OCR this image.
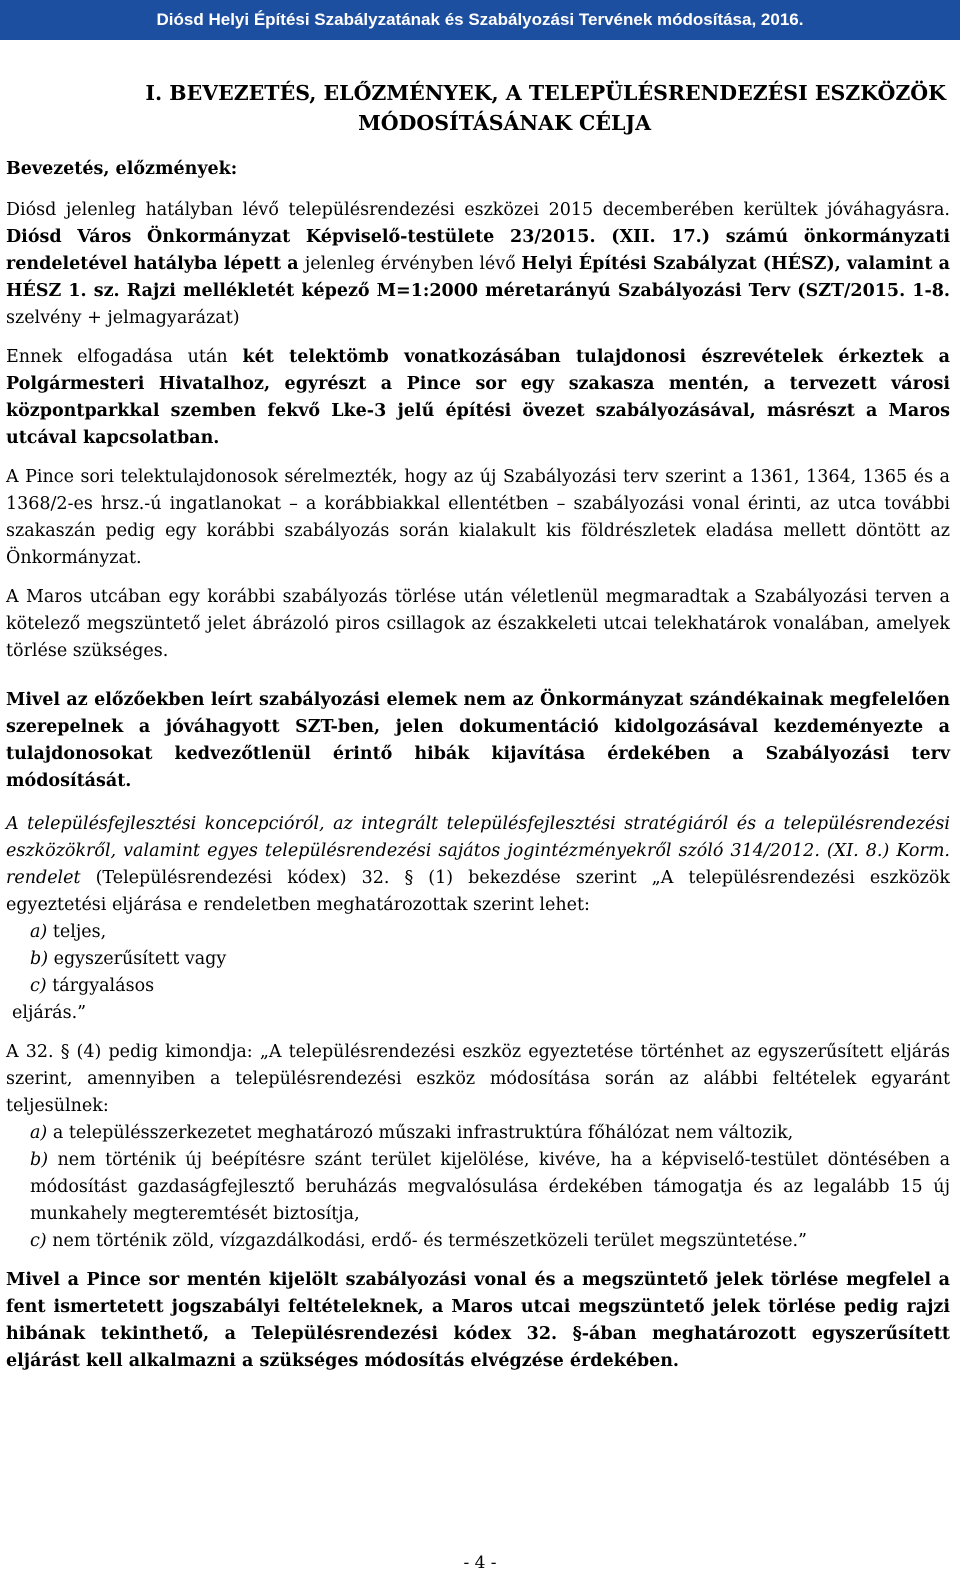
Diósd Helyi Építési Szabályzatának és Szabályozási Tervének módosítása, 2016.
I. BEVEZETÉS, ELŐZMÉNYEK, A TELEPÜLÉSRENDEZÉSI ESZKÖZÖK
MÓDOSÍTÁSÁNAK CÉLJA
Bevezetés, előzmények:

Diósd jelenleg hatályban lévő településrendezési eszközei 2015 decemberében kerültek jóváhagyásra. Diósd Város Önkormányzat Képviselő-testülete 23/2015. (XII. 17.) számú önkormányzati rendeletével hatályba lépett a jelenleg érvényben lévő Helyi Építési Szabályzat (HÉSZ), valamint a HÉSZ 1. sz. Rajzi mellékletét képező M=1:2000 méretarányú Szabályozási Terv (SZT/2015. 1-8. szelvény + jelmagyarázat)

Ennek elfogadása után két telektömb vonatkozásában tulajdonosi észrevételek érkeztek a Polgármesteri Hivatalhoz, egyrészt a Pince sor egy szakasza mentén, a tervezett városi központparkkal szemben fekvő Lke-3 jelű építési övezet szabályozásával, másrészt a Maros utcával kapcsolatban.

A Pince sori telektulajdonosok sérelmezték, hogy az új Szabályozási terv szerint a 1361, 1364, 1365 és a 1368/2-es hrsz.-ú ingatlanokat – a korábbiakkal ellentétben – szabályozási vonal érinti, az utca további szakaszán pedig egy korábbi szabályozás során kialakult kis földrészletek eladása mellett döntött az Önkormányzat.

A Maros utcában egy korábbi szabályozás törlése után véletlenül megmaradtak a Szabályozási terven a kötelező megszüntető jelet ábrázoló piros csillagok az északkeleti utcai telekhatárok vonalában, amelyek törlése szükséges.

Mivel az előzőekben leírt szabályozási elemek nem az Önkormányzat szándékainak megfelelően szerepelnek a jóváhagyott SZT-ben, jelen dokumentáció kidolgozásával kezdeményezte a tulajdonosokat kedvezőtlenül érintő hibák kijavítása érdekében a Szabályozási terv módosítását.

A településfejlesztési koncepcióról, az integrált településfejlesztési stratégiáról és a településrendezési eszközökről, valamint egyes településrendezési sajátos jogintézményekről szóló 314/2012. (XI. 8.) Korm. rendelet (Településrendezési kódex) 32. § (1) bekezdése szerint „A településrendezési eszközök egyeztetési eljárása e rendeletben meghatározottak szerint lehet:

a) teljes,
b) egyszerűsített vagy
c) tárgyalásos
eljárás.”

A 32. § (4) pedig kimondja: „A településrendezési eszköz egyeztetése történhet az egyszerűsített eljárás szerint, amennyiben a településrendezési eszköz módosítása során az alábbi feltételek egyaránt teljesülnek:

a) a településszerkezetet meghatározó műszaki infrastruktúra főhálózat nem változik,
b) nem történik új beépítésre szánt terület kijelölése, kivéve, ha a képviselő-testület döntésében a módosítást gazdaságfejlesztő beruházás megvalósulása érdekében támogatja és az legalább 15 új munkahely megteremtését biztosítja,
c) nem történik zöld, vízgazdálkodási, erdő- és természetközeli terület megszüntetése.”

Mivel a Pince sor mentén kijelölt szabályozási vonal és a megszüntető jelek törlése megfelel a fent ismertetett jogszabályi feltételeknek, a Maros utcai megszüntető jelek törlése pedig rajzi hibának tekinthető, a Településrendezési kódex 32. §-ában meghatározott egyszerűsített eljárást kell alkalmazni a szükséges módosítás elvégzése érdekében.

- 4 -
